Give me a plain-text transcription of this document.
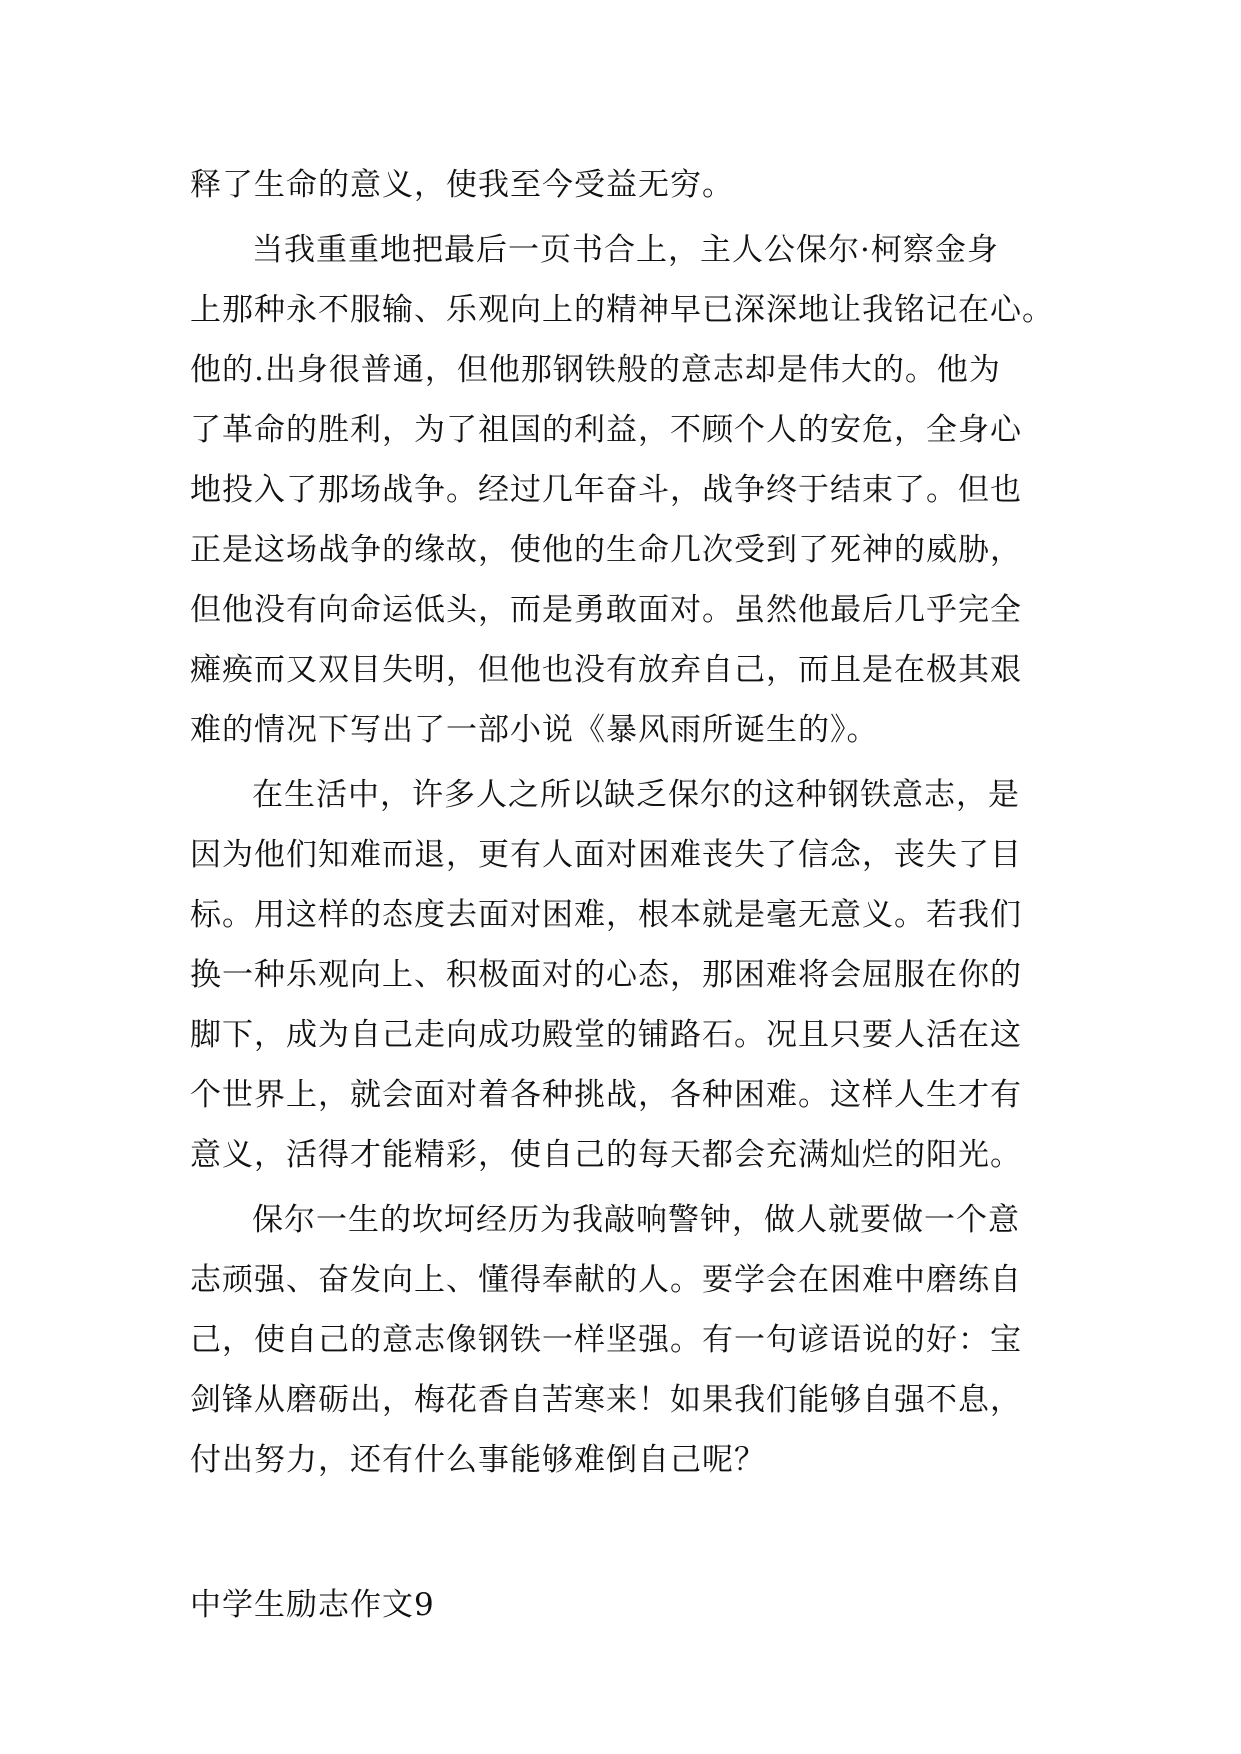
释了生命的意义，使我至今受益无穷。
当我重重地把最后一页书合上，主人公保尔·柯察金身
上那种永不服输、乐观向上的精神早已深深地让我铭记在心。
他的.出身很普通，但他那钢铁般的意志却是伟大的。他为
了革命的胜利，为了祖国的利益，不顾个人的安危，全身心
地投入了那场战争。经过几年奋斗，战争终于结束了。但也
正是这场战争的缘故，使他的生命几次受到了死神的威胁，
但他没有向命运低头，而是勇敢面对。虽然他最后几乎完全
瘫痪而又双目失明，但他也没有放弃自己，而且是在极其艰
难的情况下写出了一部小说《暴风雨所诞生的》。
在生活中，许多人之所以缺乏保尔的这种钢铁意志，是
因为他们知难而退，更有人面对困难丧失了信念，丧失了目
标。用这样的态度去面对困难，根本就是毫无意义。若我们
换一种乐观向上、积极面对的心态，那困难将会屈服在你的
脚下，成为自己走向成功殿堂的铺路石。况且只要人活在这
个世界上，就会面对着各种挑战，各种困难。这样人生才有
意义，活得才能精彩，使自己的每天都会充满灿烂的阳光。
保尔一生的坎坷经历为我敲响警钟，做人就要做一个意
志顽强、奋发向上、懂得奉献的人。要学会在困难中磨练自
己，使自己的意志像钢铁一样坚强。有一句谚语说的好：宝
剑锋从磨砺出，梅花香自苦寒来！如果我们能够自强不息，
付出努力，还有什么事能够难倒自己呢？
中学生励志作文9
